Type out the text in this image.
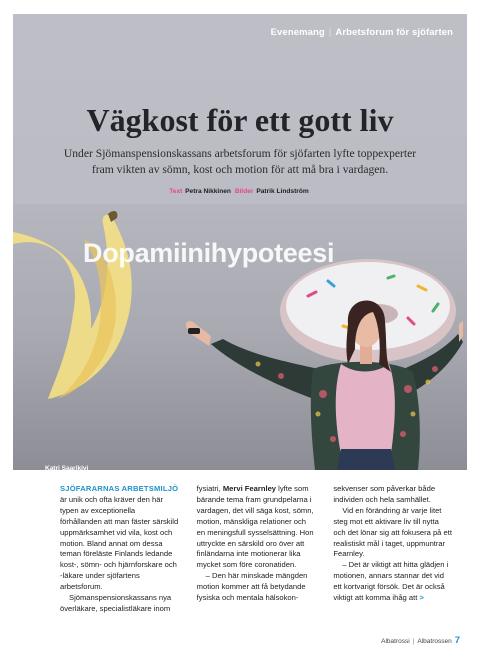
Evenemang | Arbetsforum för sjöfarten
Vägkost för ett gott liv
Under Sjömanspensionskassans arbetsforum för sjöfarten lyfte toppexperter
fram vikten av sömn, kost och motion för att må bra i vardagen.
Text Petra Nikkinen Bilder Patrik Lindström
Dopamiinihypoteesi
Katri Saarikivi

SJÖFARARNAS ARBETSMILJÖ är unik och ofta kräver den här typen av exceptionella förhållanden att man fäster särskild uppmärksamhet vid vila, kost och motion. Bland annat om dessa teman föreläste Finlands ledande kost-, sömn- och hjärnforskare och -läkare under sjöfartens arbetsforum.

Sjömanspensionskassans nya överläkare, specialistläkare inom

fysiatri, Mervi Fearnley lyfte som bärande tema fram grundpelarna i vardagen, det vill säga kost, sömn, motion, mänskliga relationer och en meningsfull sysselsättning. Hon uttryckte en särskild oro över att finländarna inte motionerar lika mycket som före coronatiden.

– Den här minskade mängden motion kommer att få betydande fysiska och mentala hälsokon-

sekvenser som påverkar både individen och hela samhället.

Vid en förändring är varje litet steg mot ett aktivare liv till nytta och det lönar sig att fokusera på ett realistiskt mål i taget, uppmuntrar Fearnley.

– Det är viktigt att hitta glädjen i motionen, annars stannar det vid ett kortvarigt försök. Det är också viktigt att komma ihåg att >

Albatrossi | Albatrossen 7
